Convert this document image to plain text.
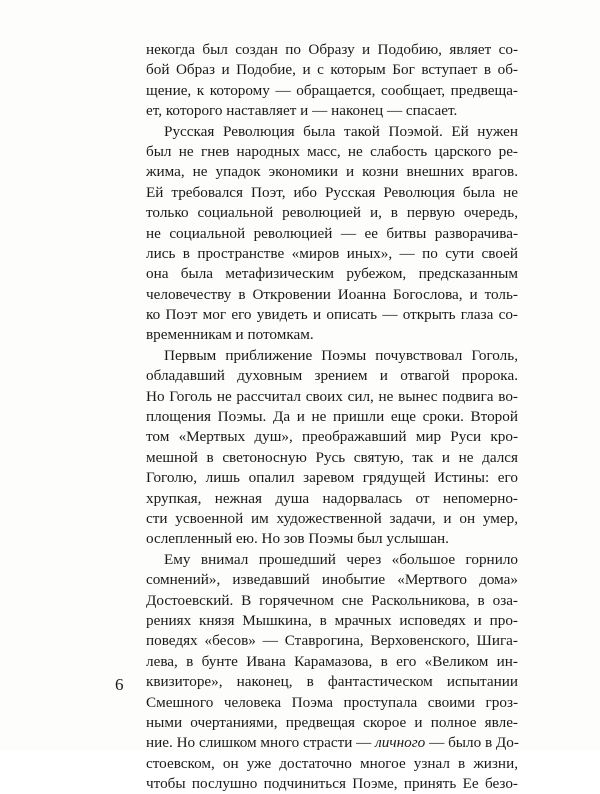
некогда был создан по Образу и Подобию, являет со-
бой Образ и Подобие, и с которым Бог вступает в об-
щение, к которому — обращается, сообщает, предвеща-
ет, которого наставляет и — наконец — спасает.
Русская Революция была такой Поэмой. Ей нужен
был не гнев народных масс, не слабость царского ре-
жима, не упадок экономики и козни внешних врагов.
Ей требовался Поэт, ибо Русская Революция была не
только социальной революцией и, в первую очередь,
не социальной революцией — ее битвы разворачива-
лись в пространстве «миров иных», — по сути своей
она была метафизическим рубежом, предсказанным
человечеству в Откровении Иоанна Богослова, и толь-
ко Поэт мог его увидеть и описать — открыть глаза со-
временникам и потомкам.
Первым приближение Поэмы почувствовал Гоголь,
обладавший духовным зрением и отвагой пророка.
Но Гоголь не рассчитал своих сил, не вынес подвига во-
площения Поэмы. Да и не пришли еще сроки. Второй
том «Мертвых душ», преображавший мир Руси кро-
мешной в светоносную Русь святую, так и не дался
Гоголю, лишь опалил заревом грядущей Истины: его
хрупкая, нежная душа надорвалась от непомерно-
сти усвоенной им художественной задачи, и он умер,
ослепленный ею. Но зов Поэмы был услышан.
Ему внимал прошедший через «большое горнило
сомнений», изведавший инобытие «Мертвого дома»
Достоевский. В горячечном сне Раскольникова, в оза-
рениях князя Мышкина, в мрачных исповедях и про-
поведях «бесов» — Ставрогина, Верховенского, Шига-
лева, в бунте Ивана Карамазова, в его «Великом ин-
квизиторе», наконец, в фантастическом испытании
Смешного человека Поэма проступала своими гроз-
ными очертаниями, предвещая скорое и полное явле-
ние. Но слишком много страсти — личного — было в До-
стоевском, он уже достаточно многое узнал в жизни,
чтобы послушно подчиниться Поэме, принять Ее безо-
6
